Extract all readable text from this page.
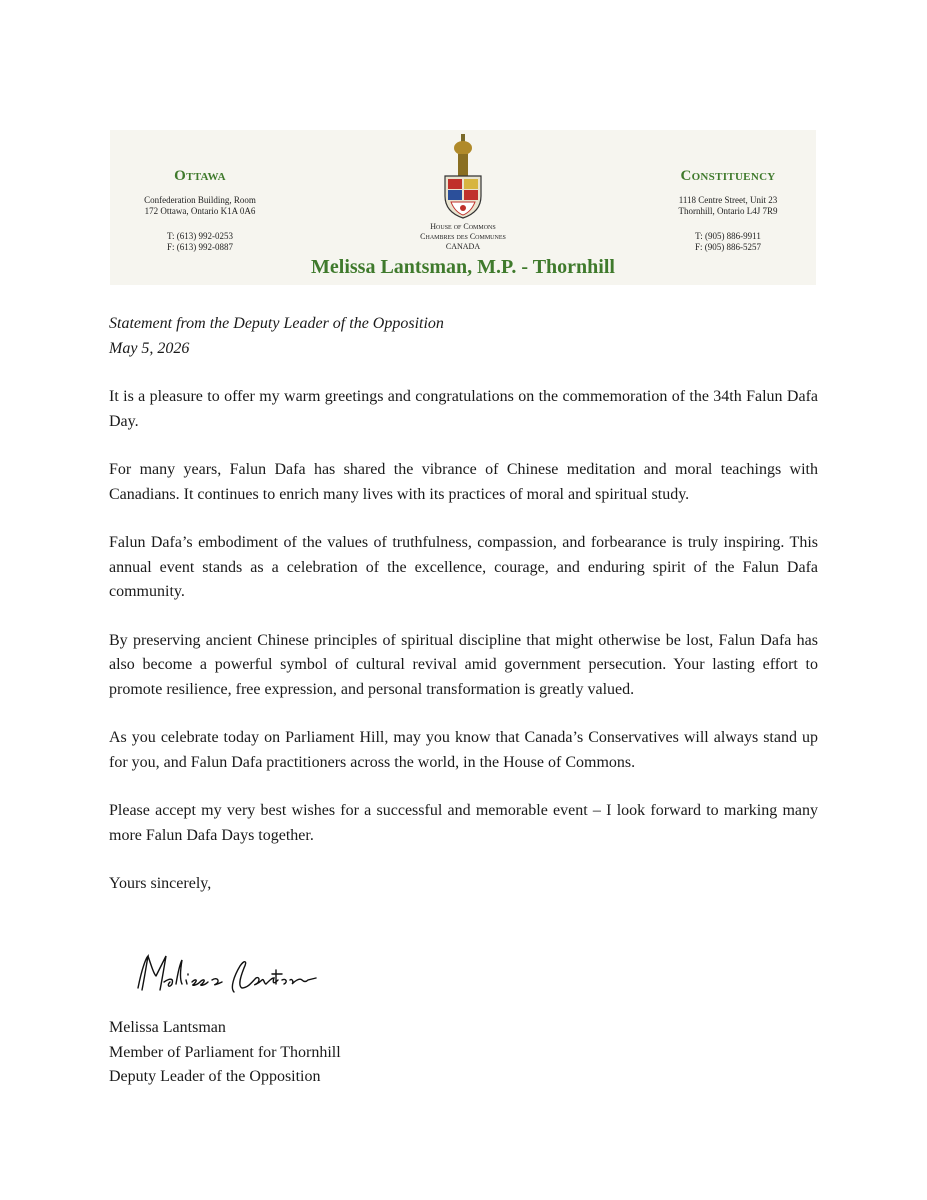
Ottawa
Confederation Building, Room
172 Ottawa, Ontario K1A 0A6
T: (613) 992-0253
F: (613) 992-0887
House of Commons
Chambres des Communes
CANADA
Constituency
1118 Centre Street, Unit 23
Thornhill, Ontario L4J 7R9
T: (905) 886-9911
F: (905) 886-5257
Melissa Lantsman, M.P. - Thornhill

Statement from the Deputy Leader of the Opposition

May 5, 2026

It is a pleasure to offer my warm greetings and congratulations on the commemoration of the 34th Falun Dafa Day.

For many years, Falun Dafa has shared the vibrance of Chinese meditation and moral teachings with Canadians. It continues to enrich many lives with its practices of moral and spiritual study.

Falun Dafa’s embodiment of the values of truthfulness, compassion, and forbearance is truly inspiring. This annual event stands as a celebration of the excellence, courage, and enduring spirit of the Falun Dafa community.

By preserving ancient Chinese principles of spiritual discipline that might otherwise be lost, Falun Dafa has also become a powerful symbol of cultural revival amid government persecution. Your lasting effort to promote resilience, free expression, and personal transformation is greatly valued.

As you celebrate today on Parliament Hill, may you know that Canada’s Conservatives will always stand up for you, and Falun Dafa practitioners across the world, in the House of Commons.

Please accept my very best wishes for a successful and memorable event – I look forward to marking many more Falun Dafa Days together.

Yours sincerely,

Melissa Lantsman
Member of Parliament for Thornhill
Deputy Leader of the Opposition
